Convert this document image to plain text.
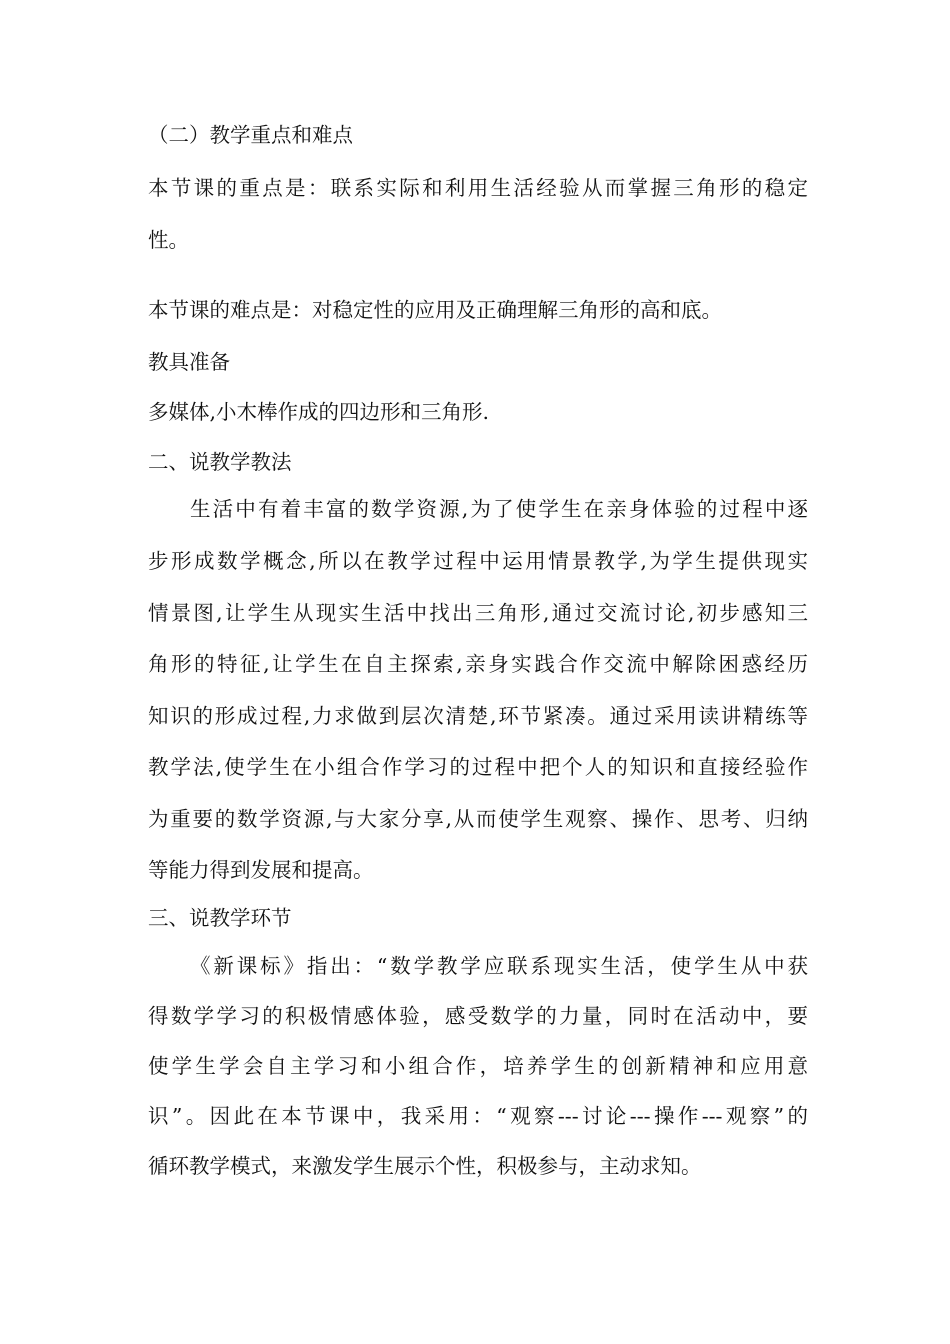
（二）教学重点和难点
本节课的重点是：联系实际和利用生活经验从而掌握三角形的稳定
性。
本节课的难点是：对稳定性的应用及正确理解三角形的高和底。
教具准备
多媒体,小木棒作成的四边形和三角形.
二、说教学教法
生活中有着丰富的数学资源,为了使学生在亲身体验的过程中逐
步形成数学概念,所以在教学过程中运用情景教学,为学生提供现实
情景图,让学生从现实生活中找出三角形,通过交流讨论,初步感知三
角形的特征,让学生在自主探索,亲身实践合作交流中解除困惑经历
知识的形成过程,力求做到层次清楚,环节紧凑。通过采用读讲精练等
教学法,使学生在小组合作学习的过程中把个人的知识和直接经验作
为重要的数学资源,与大家分享,从而使学生观察、操作、思考、归纳
等能力得到发展和提高。
三、说教学环节
《新课标》指出：“数学教学应联系现实生活，使学生从中获
得数学学习的积极情感体验，感受数学的力量，同时在活动中，要
使学生学会自主学习和小组合作，培养学生的创新精神和应用意
识”。因此在本节课中，我采用：“观察---讨论---操作---观察”的
循环教学模式，来激发学生展示个性，积极参与，主动求知。
